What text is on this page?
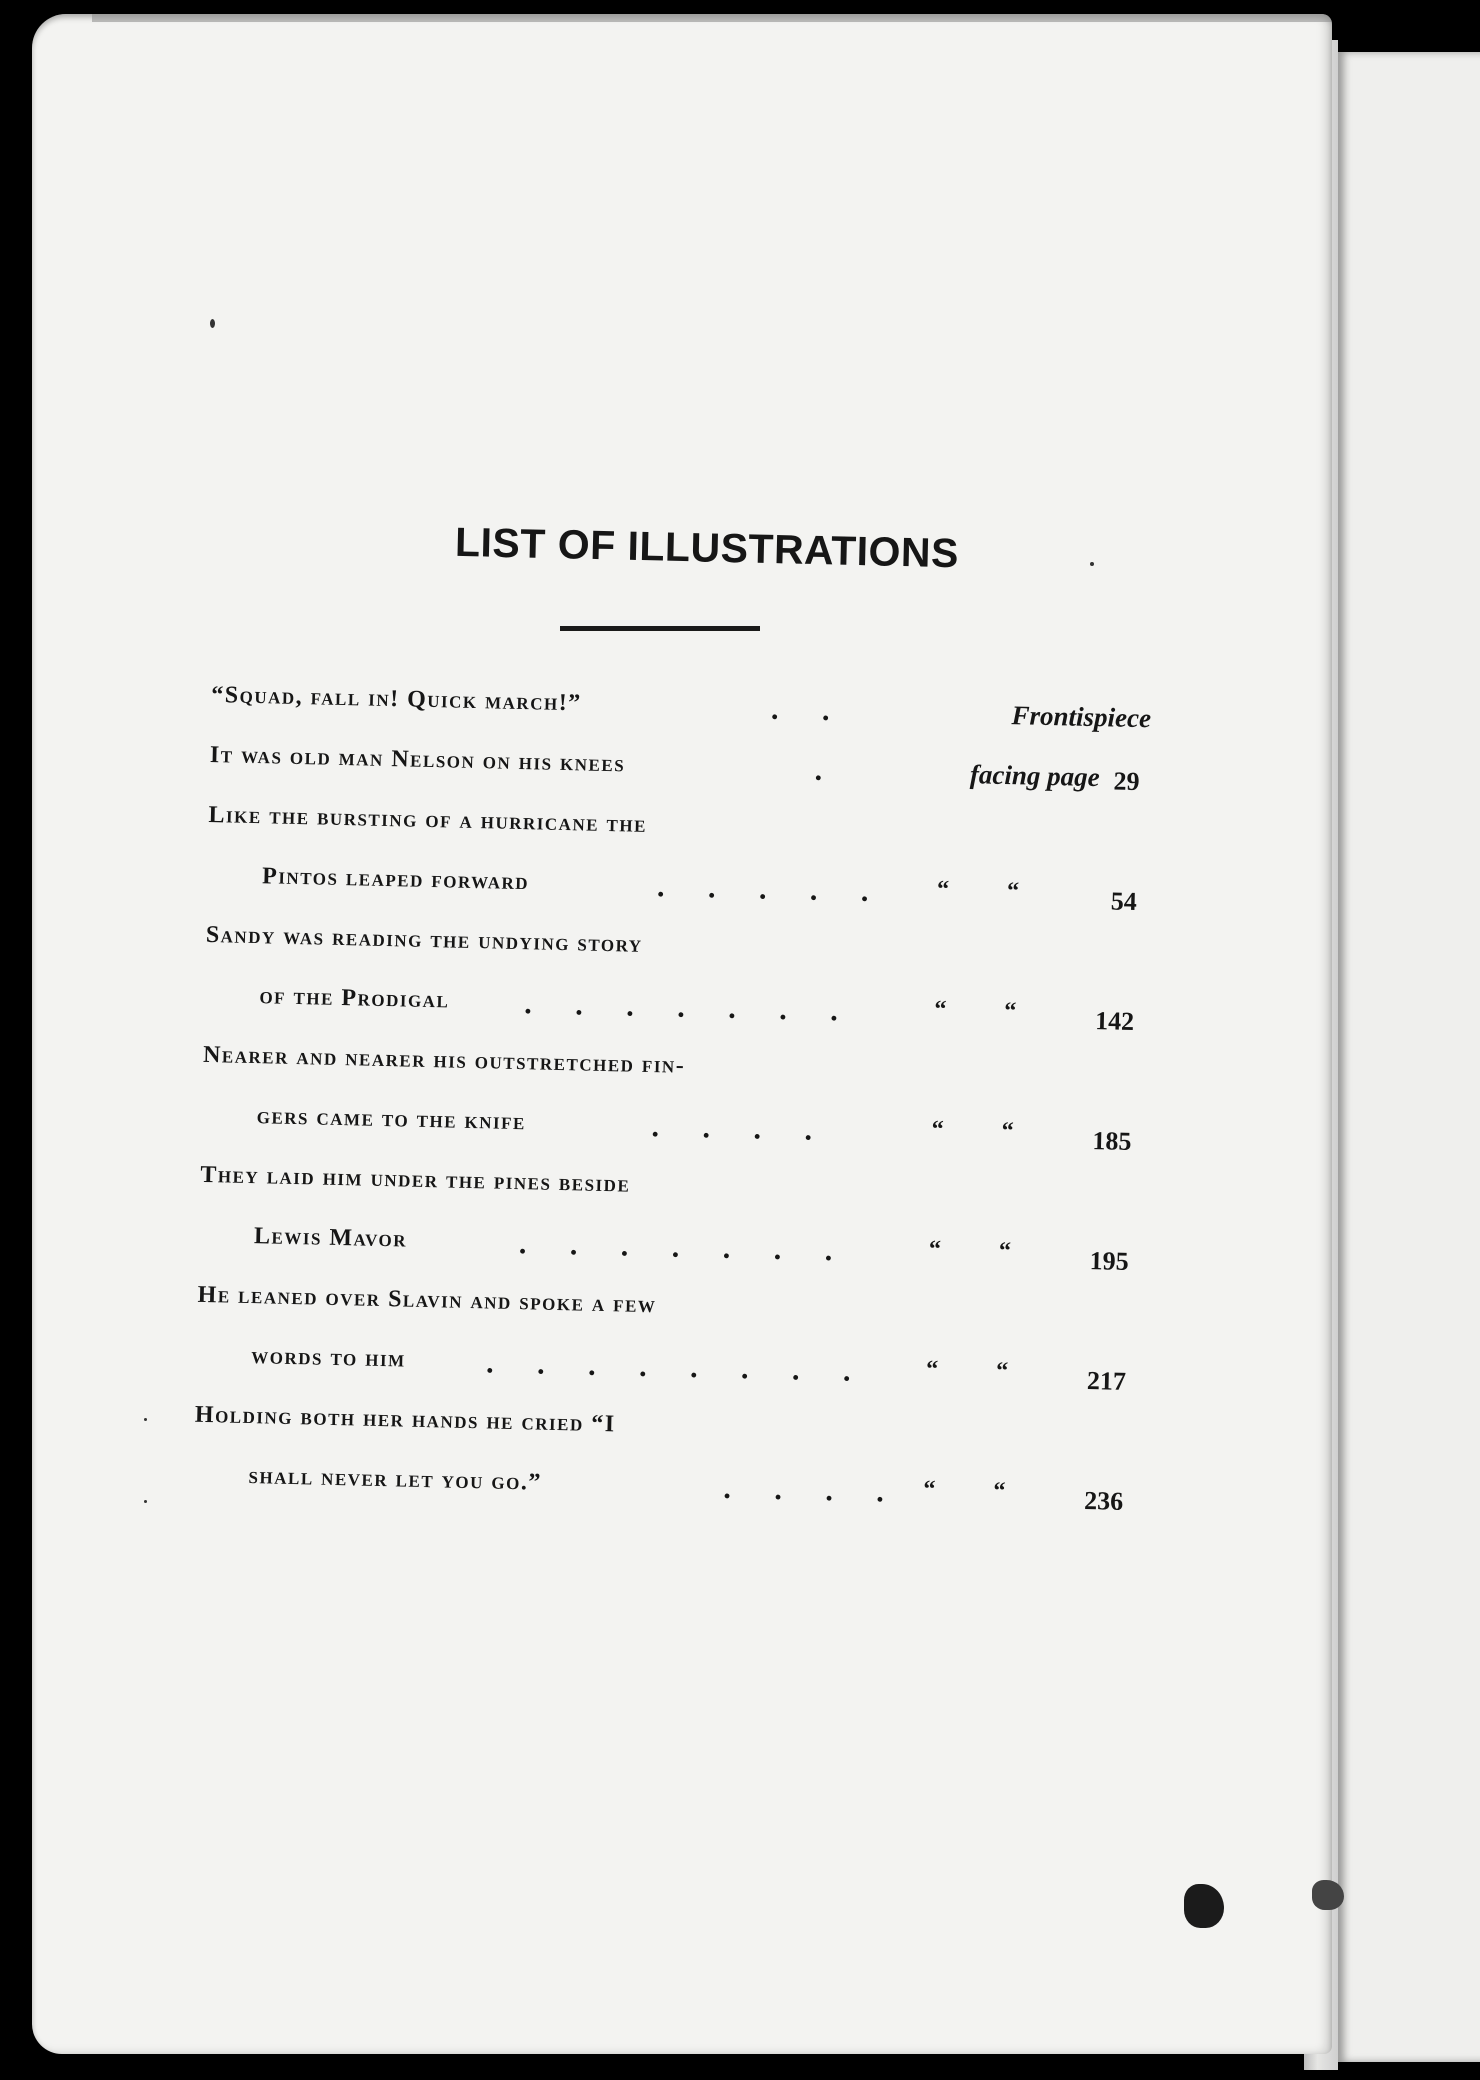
LIST OF ILLUSTRATIONS
“Squad, fall in! Quick march!”	. .	Frontispiece
It was old man Nelson on his knees	.	facing page 29
Like the bursting of a hurricane the
Pintos leaped forward	. . . . . “ “	54
Sandy was reading the undying story
of the Prodigal . . . . . . .	“ “	142
Nearer and nearer his outstretched fin-
gers came to the knife	. . . .	“ “	185
They laid him under the pines beside
Lewis Mavor	. . . . . . .	“ “	195
He leaned over Slavin and spoke a few
words to him	. . . . . . . . “ “	217
Holding both her hands he cried “I
shall never let you go.”	. . . . “ “	236
